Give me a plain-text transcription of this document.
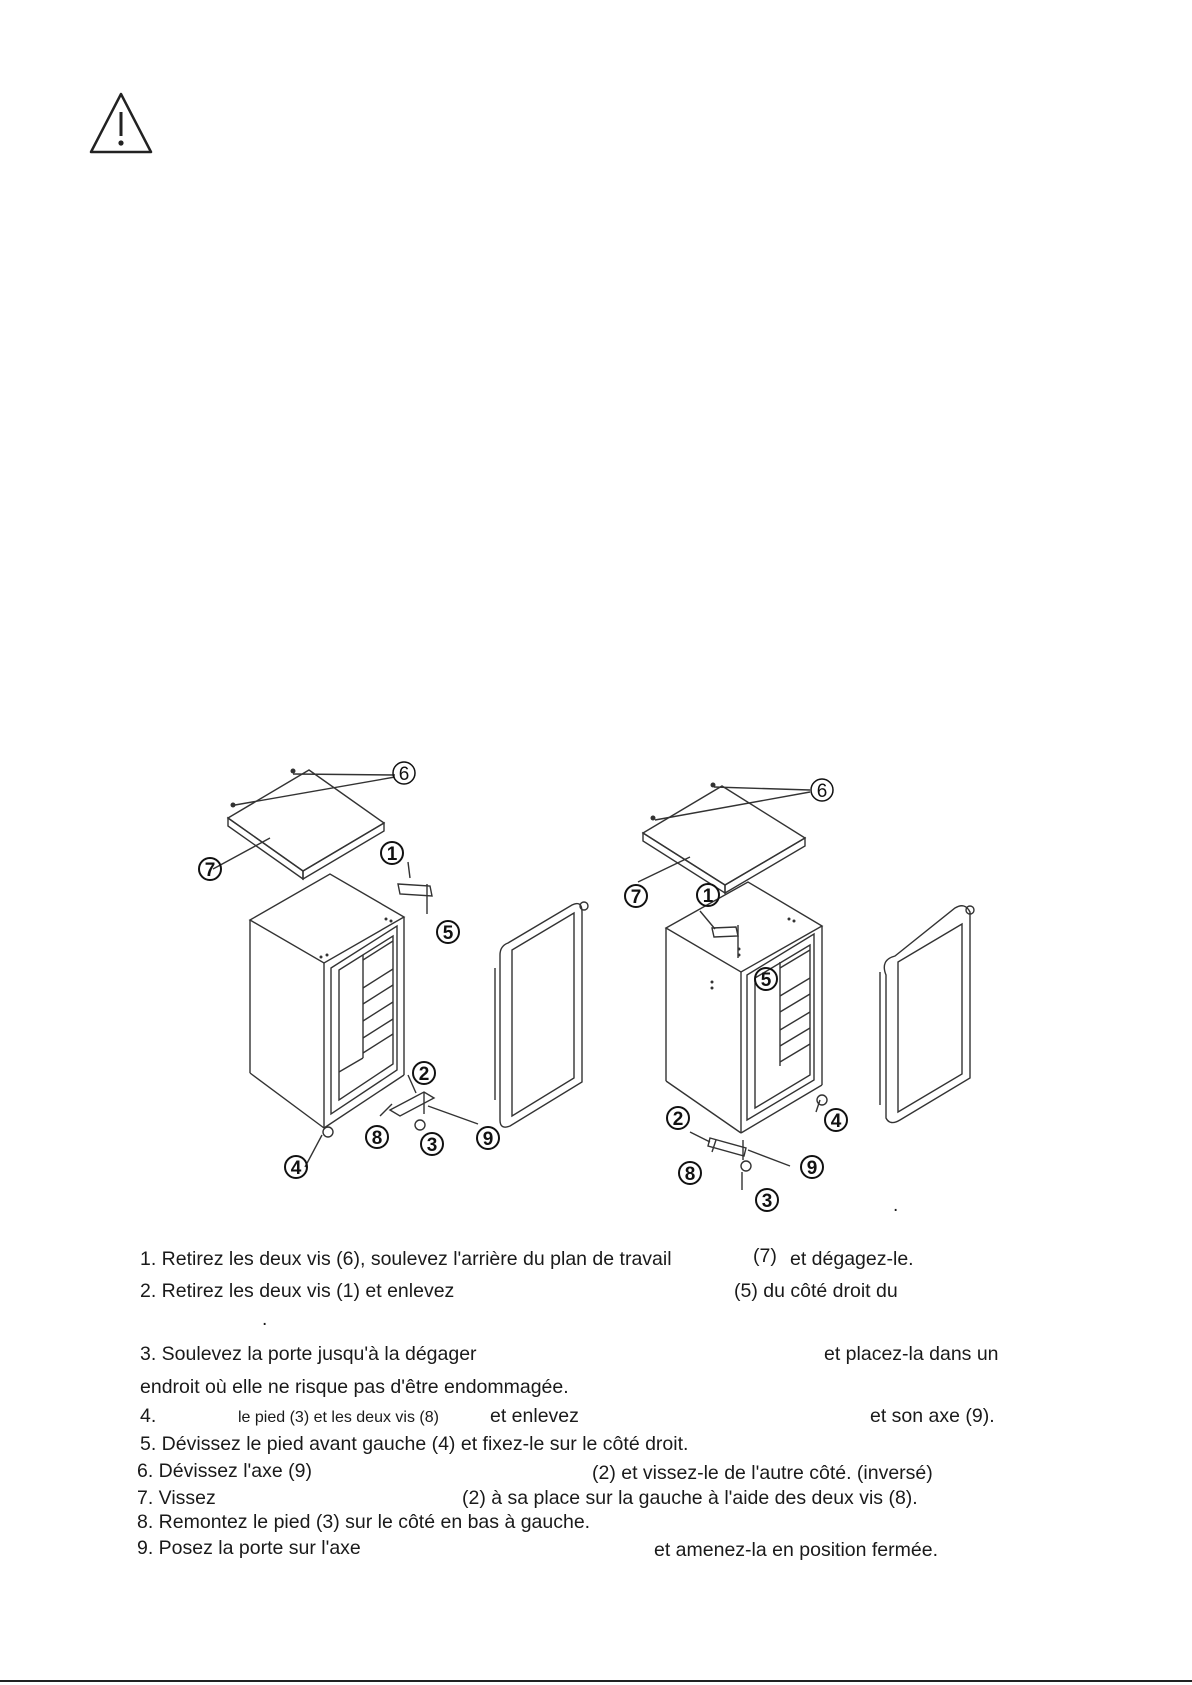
6
7
1
5
2
8 3 9
4
6
7	1
5
2
8
3
9
4
.
1. Retirez les deux vis (6), soulevez l'arrière du plan de travail	(7) et dégagez-le.
2. Retirez les deux vis (1) et enlevez	(5) du côté droit du
.
3. Soulevez la porte jusqu'à la dégager	et placez-la dans un
endroit où elle ne risque pas d'être endommagée.
4.	le pied (3) et les deux vis (8)	et enlevez	et son axe (9).
5. Dévissez le pied avant gauche (4) et fixez-le sur le côté droit.
6. Dévissez l'axe (9)	(2) et vissez-le de l'autre côté. (inversé)
7. Vissez	(2) à sa place sur la gauche à l'aide des deux vis (8).
8. Remontez le pied (3) sur le côté en bas à gauche.
9. Posez la porte sur l'axe	et amenez-la en position fermée.
